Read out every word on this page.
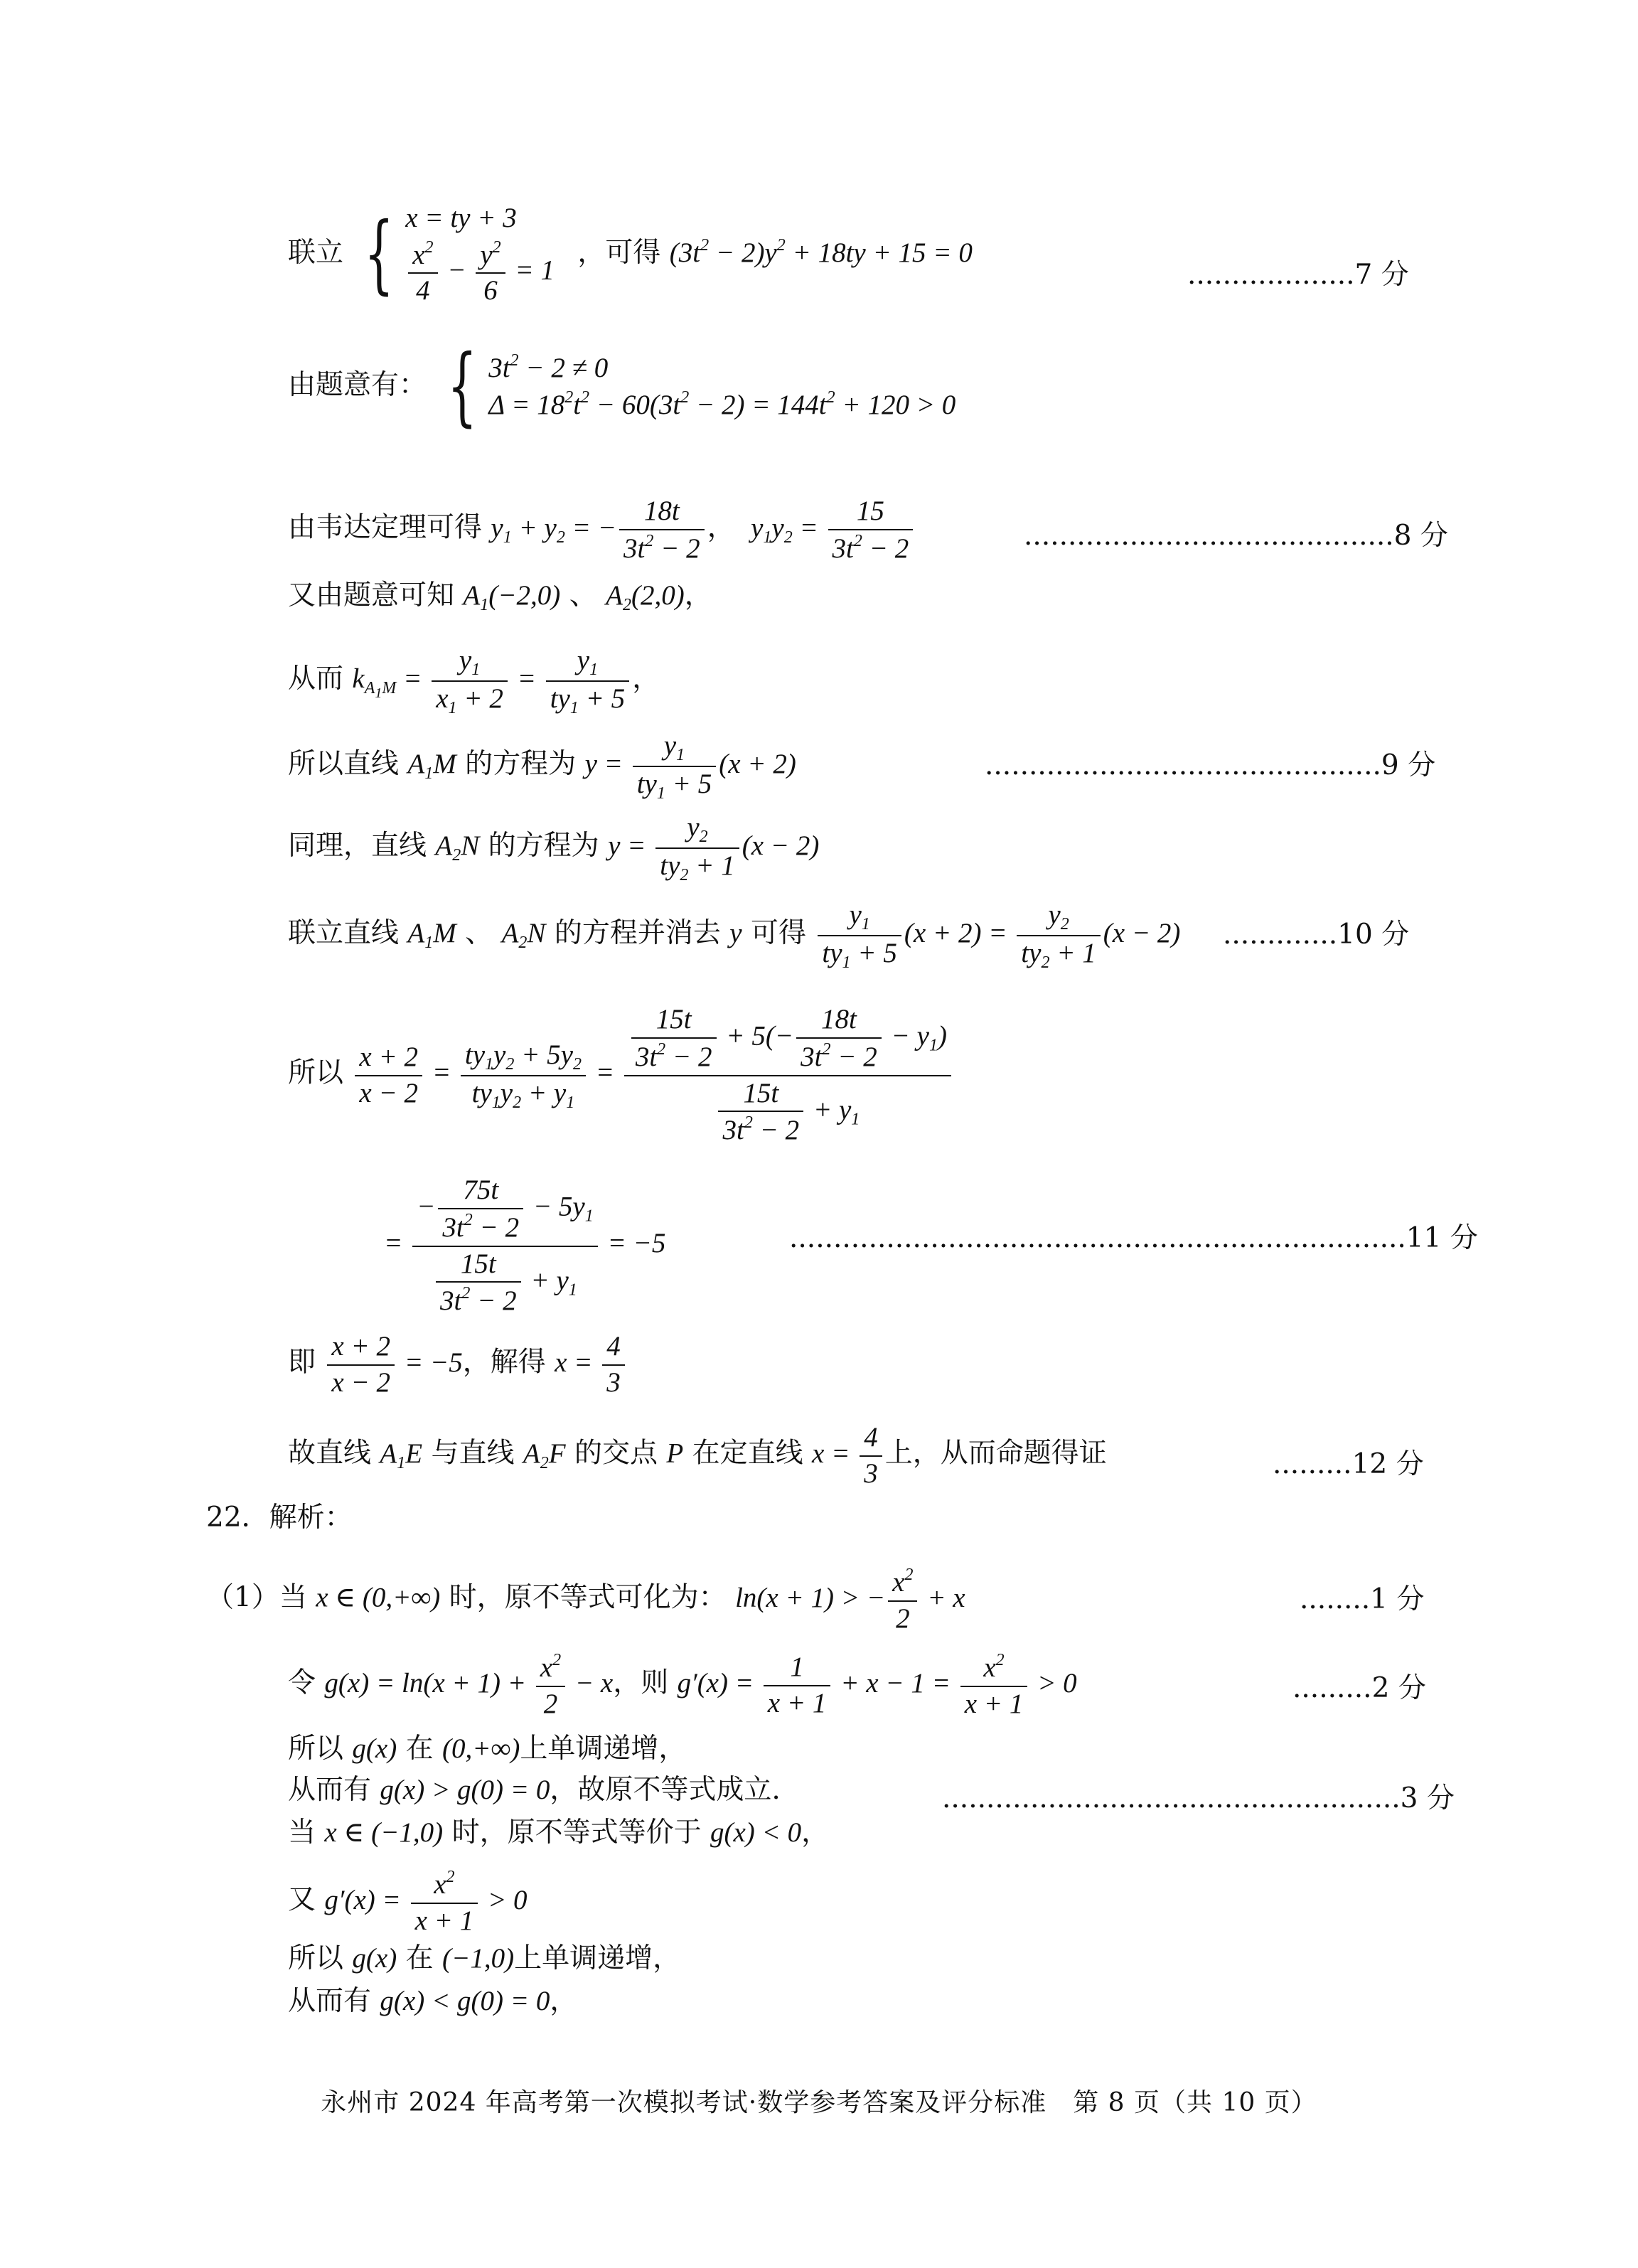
联立 { x = ty + 3
$\frac{x^2}{4} - \frac{y^2}{6} = 1$
，可得 $(3t^2 - 2)y^2 + 18ty + 15 = 0$
...................7 分
由题意有： { $3t^2 - 2 \ne 0$
$\Delta = 18^2t^2 - 60(3t^2 - 2) = 144t^2 + 120 > 0$
由韦达定理可得 $y_1 + y_2$ = − $\frac{18t}{3t^2 - 2}$ ， $y_1y_2 = \frac{15}{3t^2 - 2}$	..........................................8 分
又由题意可知 $A_1(-2,0)$ 、 $A_2(2,0)$，
从而 $k_{A_1M} = \frac{y_1}{x_1 + 2} = \frac{y_1}{ty_1 + 5}$ ，
所以直线 $A_1M$ 的方程为 $y = \frac{y_1}{ty_1 + 5} (x + 2)$	.............................................9 分
同理，直线 $A_2N$ 的方程为 $y = \frac{y_2}{ty_2 + 1} (x - 2)$
联立直线 $A_1M$ 、 $A_2N$ 的方程并消去 y 可得 $\frac{y_1}{ty_1 + 5} (x + 2) = \frac{y_2}{ty_2 + 1} (x - 2)$ .............10 分
所以 $\frac{x + 2}{x - 2} = \frac{ty_1y_2 + 5y_2}{ty_1y_2 + y_1} = \frac{\frac{15t}{3t^2 - 2} + 5(- \frac{18t}{3t^2 - 2} - y_1)}{\frac{15t}{3t^2 - 2} + y_1}$
= $\frac{- \frac{75t}{3t^2 - 2} - 5y_1}{\frac{15t}{3t^2 - 2} + y_1} = -5$	......................................................................11 分
即 $\frac{x + 2}{x - 2} = -5$，解得 $x = \frac{4}{3}$
故直线 $A_1E$ 与直线 $A_2F$ 的交点 P 在定直线 $x = \frac{4}{3}$ 上，从而命题得证	.........12 分
22．解析：
（1）当 x ∈ (0,+∞) 时，原不等式可化为： ln(x + 1) > − $\frac{x^2}{2} + x$	........1 分
令 $g(x) = \ln(x + 1) + \frac{x^2}{2} - x$，则 $g'(x) = \frac{1}{x + 1} + x - 1 = \frac{x^2}{x + 1} > 0$	.........2 分
所以 g(x) 在 (0,+∞)上单调递增，
从而有 g(x) > g(0) = 0，故原不等式成立.	....................................................3 分
当 x ∈ (−1,0) 时，原不等式等价于 g(x) < 0，
又 $g'(x) = \frac{x^2}{x + 1} > 0$
所以 g(x) 在 (−1,0)上单调递增，
从而有 g(x) < g(0) = 0，
永州市 2024 年高考第一次模拟考试·数学参考答案及评分标准　第 8 页（共 10 页）
